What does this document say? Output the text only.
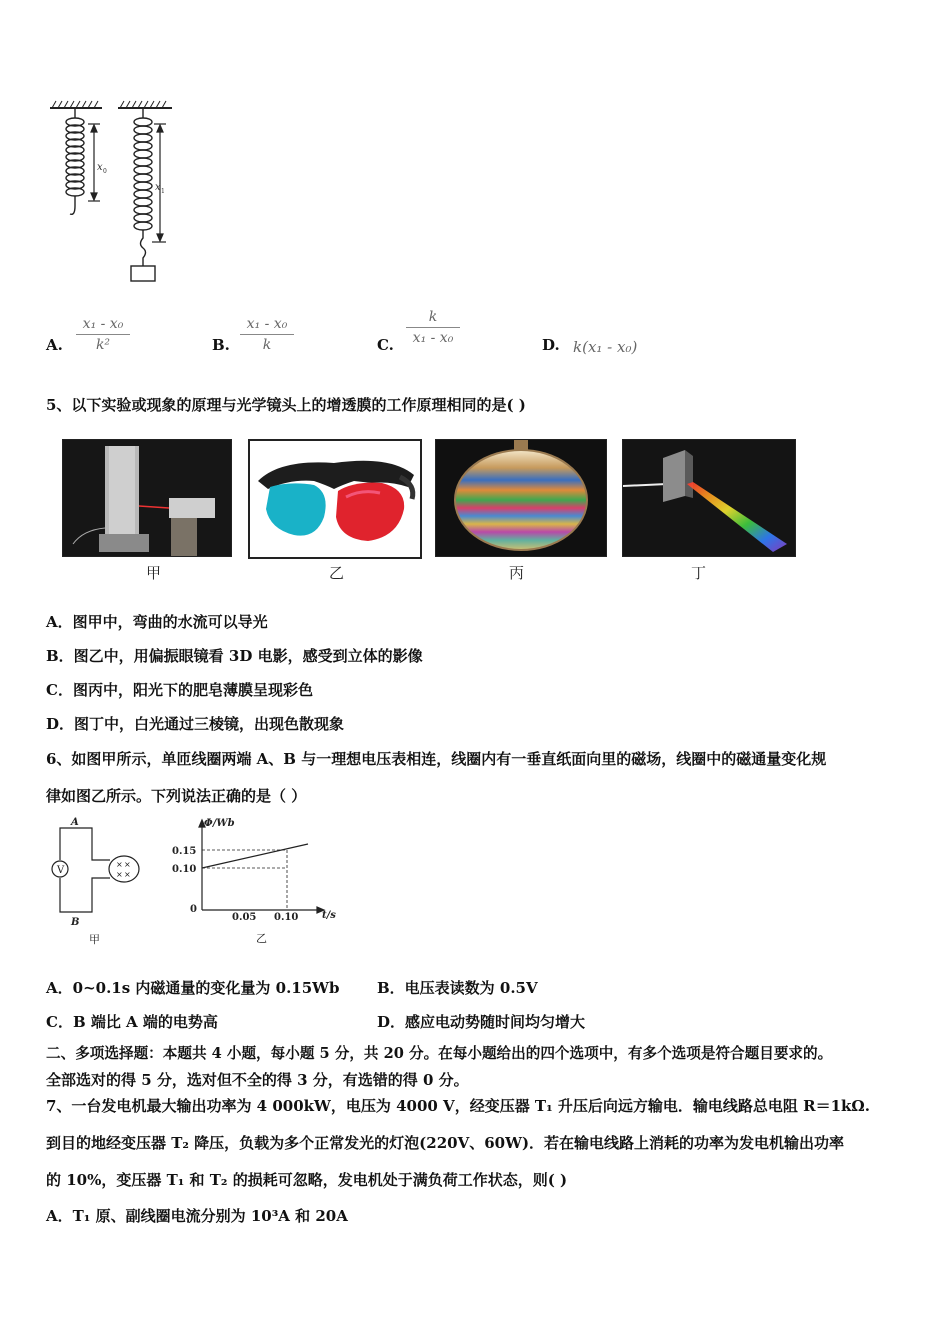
x 0
x 1
A.
x₁ - x₀
k²	B.
x₁ - x₀
k	C.
k
x₁ - x₀	D. k(x₁ - x₀)
5、以下实验或现象的原理与光学镜头上的增透膜的工作原理相同的是( )
甲	乙	丙	丁
A．图甲中，弯曲的水流可以导光
B．图乙中，用偏振眼镜看 3D 电影，感受到立体的影像
C．图丙中，阳光下的肥皂薄膜呈现彩色
D．图丁中，白光通过三棱镜，出现色散现象
6、如图甲所示，单匝线圈两端 A、B 与一理想电压表相连，线圈内有一垂直纸面向里的磁场，线圈中的磁通量变化规
律如图乙所示。下列说法正确的是（ ）
V
× ×
× ×
A
B
甲
Φ/Wb
0.15
0.10
0
0.05 0.10 t/s
乙
A．0~0.1s 内磁通量的变化量为 0.15Wb	B．电压表读数为 0.5V
C．B 端比 A 端的电势高	D．感应电动势随时间均匀增大
二、多项选择题：本题共 4 小题，每小题 5 分，共 20 分。在每小题给出的四个选项中，有多个选项是符合题目要求的。
全部选对的得 5 分，选对但不全的得 3 分，有选错的得 0 分。
7、一台发电机最大输出功率为 4 000kW，电压为 4000 V，经变压器 T₁ 升压后向远方输电．输电线路总电阻 R＝1kΩ.
到目的地经变压器 T₂ 降压，负载为多个正常发光的灯泡(220V、60W)．若在输电线路上消耗的功率为发电机输出功率
的 10%，变压器 T₁ 和 T₂ 的损耗可忽略，发电机处于满负荷工作状态，则( )
A．T₁ 原、副线圈电流分别为 10³A 和 20A
